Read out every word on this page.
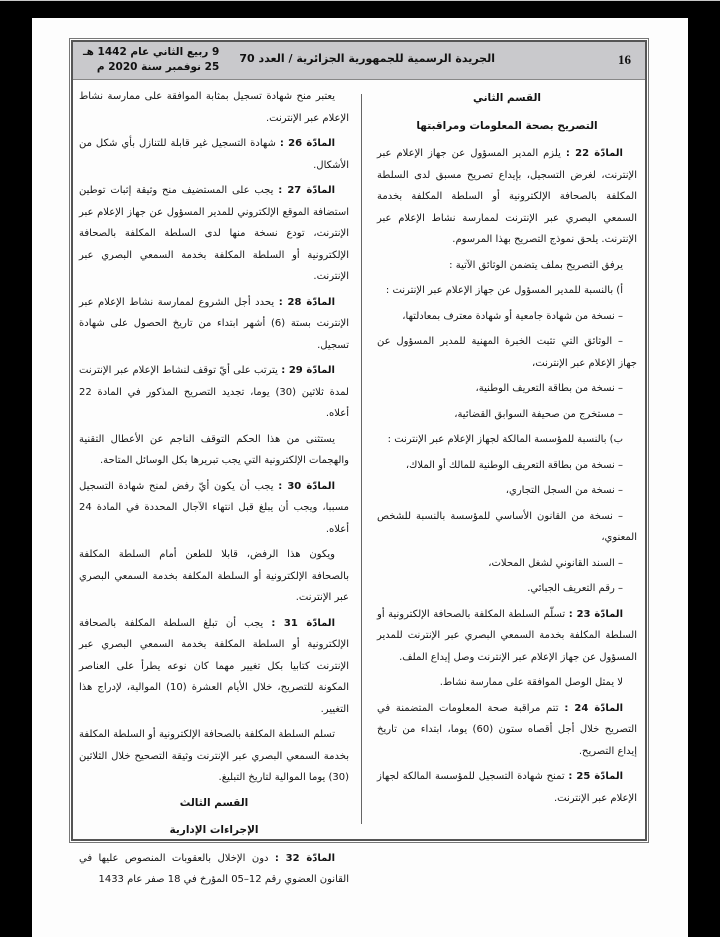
16
الجريدة الرسمية للجمهورية الجزائرية / العدد 70
9 ربيع الثاني عام 1442 هـ
25 نوفمبر سنة 2020 م

القسم الثاني

التصريح بصحة المعلومات ومراقبتها

المادّة 22 : يلزم المدير المسؤول عن جهاز الإعلام عبر الإنترنت، لغرض التسجيل، بإيداع تصريح مسبق لدى السلطة المكلفة بالصحافة الإلكترونية أو السلطة المكلفة بخدمة السمعي البصري عبر الإنترنت لممارسة نشاط الإعلام عبر الإنترنت. يلحق نموذج التصريح بهذا المرسوم.

يرفق التصريح بملف يتضمن الوثائق الآتية :

أ) بالنسبة للمدير المسؤول عن جهاز الإعلام عبر الإنترنت :

– نسخة من شهادة جامعية أو شهادة معترف بمعادلتها،

– الوثائق التي تثبت الخبرة المهنية للمدير المسؤول عن جهاز الإعلام عبر الإنترنت،

– نسخة من بطاقة التعريف الوطنية،

– مستخرج من صحيفة السوابق القضائية،

ب) بالنسبة للمؤسسة المالكة لجهاز الإعلام عبر الإنترنت :

– نسخة من بطاقة التعريف الوطنية للمالك أو الملاك،

– نسخة من السجل التجاري،

– نسخة من القانون الأساسي للمؤسسة بالنسبة للشخص المعنوي،

– السند القانوني لشغل المحلات،

– رقم التعريف الجبائي.

المادّة 23 : تسلّم السلطة المكلفة بالصحافة الإلكترونية أو السلطة المكلفة بخدمة السمعي البصري عبر الإنترنت للمدير المسؤول عن جهاز الإعلام عبر الإنترنت وصل إيداع الملف.

لا يمثل الوصل الموافقة على ممارسة نشاط.

المادّة 24 : تتم مراقبة صحة المعلومات المتضمنة في التصريح خلال أجل أقصاه ستون (60) يوما، ابتداء من تاريخ إيداع التصريح.

المادّة 25 : تمنح شهادة التسجيل للمؤسسة المالكة لجهاز الإعلام عبر الإنترنت.

يعتبر منح شهادة تسجيل بمثابة الموافقة على ممارسة نشاط الإعلام عبر الإنترنت.

المادّة 26 : شهادة التسجيل غير قابلة للتنازل بأي شكل من الأشكال.

المادّة 27 : يجب على المستضيف منح وثيقة إثبات توطين استضافة الموقع الإلكتروني للمدير المسؤول عن جهاز الإعلام عبر الإنترنت، تودع نسخة منها لدى السلطة المكلفة بالصحافة الإلكترونية أو السلطة المكلفة بخدمة السمعي البصري عبر الإنترنت.

المادّة 28 : يحدد أجل الشروع لممارسة نشاط الإعلام عبر الإنترنت بستة (6) أشهر ابتداء من تاريخ الحصول على شهادة تسجيل.

المادّة 29 : يترتب على أيّ توقف لنشاط الإعلام عبر الإنترنت لمدة ثلاثين (30) يوما، تجديد التصريح المذكور في المادة 22 أعلاه.

يستثنى من هذا الحكم التوقف الناجم عن الأعطال التقنية والهجمات الإلكترونية التي يجب تبريرها بكل الوسائل المتاحة.

المادّة 30 : يجب أن يكون أيّ رفض لمنح شهادة التسجيل مسببا، ويجب أن يبلغ قبل انتهاء الآجال المحددة في المادة 24 أعلاه.

ويكون هذا الرفض، قابلا للطعن أمام السلطة المكلفة بالصحافة الإلكترونية أو السلطة المكلفة بخدمة السمعي البصري عبر الإنترنت.

المادّة 31 : يجب أن تبلغ السلطة المكلفة بالصحافة الإلكترونية أو السلطة المكلفة بخدمة السمعي البصري عبر الإنترنت كتابيا بكل تغيير مهما كان نوعه يطرأ على العناصر المكونة للتصريح، خلال الأيام العشرة (10) الموالية، لإدراج هذا التغيير.

تسلم السلطة المكلفة بالصحافة الإلكترونية أو السلطة المكلفة بخدمة السمعي البصري عبر الإنترنت وثيقة التصحيح خلال الثلاثين (30) يوما الموالية لتاريخ التبليغ.

القسم الثالث

الإجراءات الإدارية

المادّة 32 : دون الإخلال بالعقوبات المنصوص عليها في القانون العضوي رقم 12–05 المؤرخ في 18 صفر عام 1433
